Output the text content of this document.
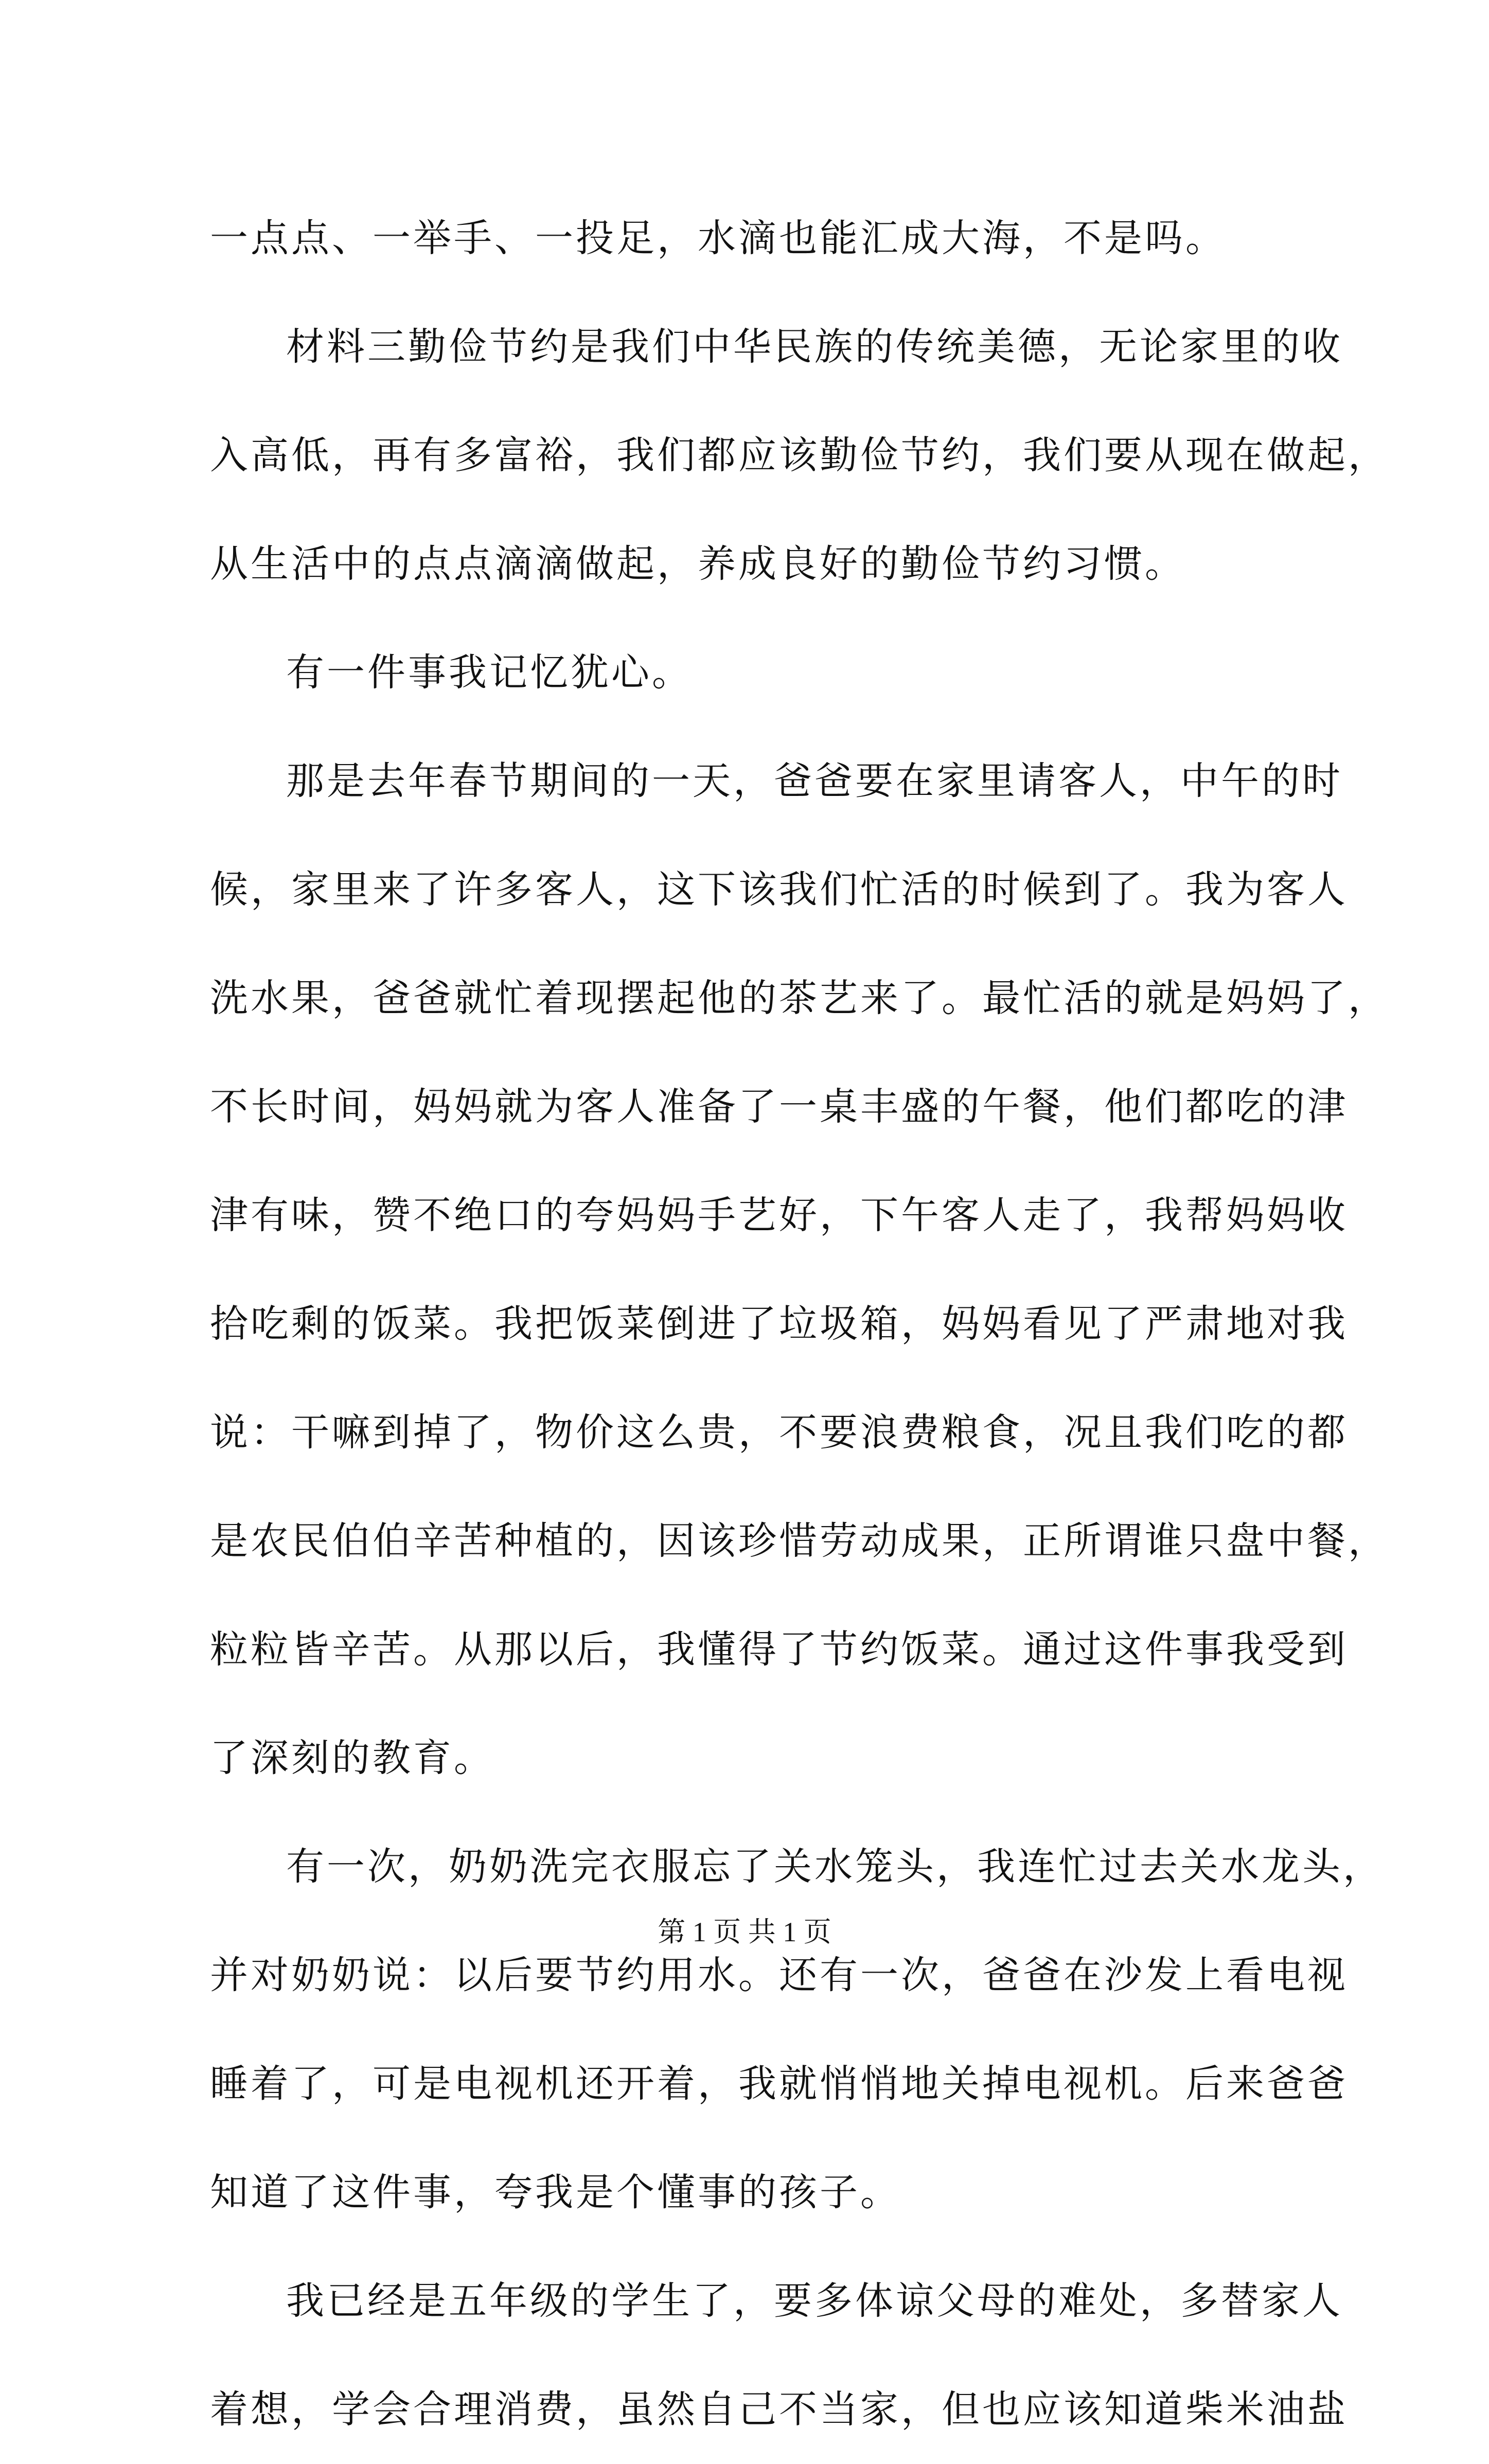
一点点、一举手、一投足，水滴也能汇成大海，不是吗。
材料三勤俭节约是我们中华民族的传统美德，无论家里的收
入高低，再有多富裕，我们都应该勤俭节约，我们要从现在做起，
从生活中的点点滴滴做起，养成良好的勤俭节约习惯。
有一件事我记忆犹心。
那是去年春节期间的一天，爸爸要在家里请客人，中午的时
候，家里来了许多客人，这下该我们忙活的时候到了。我为客人
洗水果，爸爸就忙着现摆起他的茶艺来了。最忙活的就是妈妈了，
不长时间，妈妈就为客人准备了一桌丰盛的午餐，他们都吃的津
津有味，赞不绝口的夸妈妈手艺好，下午客人走了，我帮妈妈收
拾吃剩的饭菜。我把饭菜倒进了垃圾箱，妈妈看见了严肃地对我
说：干嘛到掉了，物价这么贵，不要浪费粮食，况且我们吃的都
是农民伯伯辛苦种植的，因该珍惜劳动成果，正所谓谁只盘中餐，
粒粒皆辛苦。从那以后，我懂得了节约饭菜。通过这件事我受到
了深刻的教育。
有一次，奶奶洗完衣服忘了关水笼头，我连忙过去关水龙头，
并对奶奶说：以后要节约用水。还有一次，爸爸在沙发上看电视
睡着了，可是电视机还开着，我就悄悄地关掉电视机。后来爸爸
知道了这件事，夸我是个懂事的孩子。
我已经是五年级的学生了，要多体谅父母的难处，多替家人
着想，学会合理消费，虽然自己不当家，但也应该知道柴米油盐
第 1 页 共 1 页
